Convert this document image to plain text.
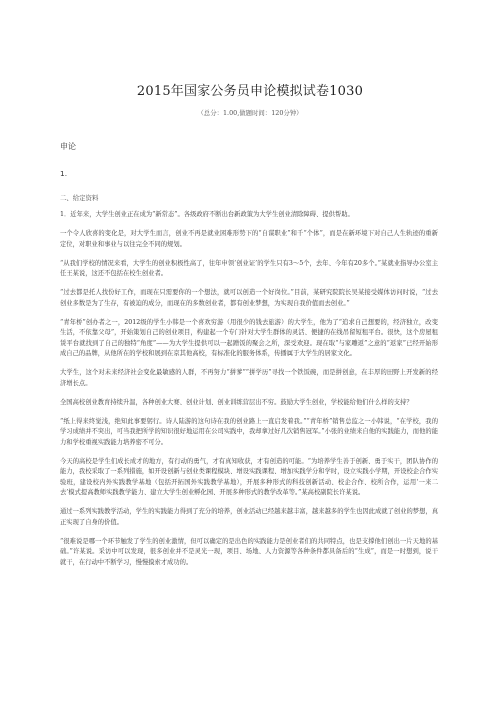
2015年国家公务员申论模拟试卷1030
（总分：1.00,做题时间：120分钟）
申论
1.
二、给定资料

1．近年来，大学生创业正在成为“新常态”。各级政府不断出台新政策为大学生创业清除障碍、提供帮助。

一个令人欣喜的变化是，对大学生而言，创业不再是就业困难形势下的“自谋职业”和千“个体”，而是在新环境下对自己人生轨迹的重新定位，对职业和事业与以往完全不同的规划。

“从我们学校的情况来看，大学生的创业积极性高了，往年申领‘创业证’的学生只有3～5个，去年、今年有20多个。”某就业指导办公室主任王某说，这还不包括在校生创业者。

“过去都是托人找份好工作，而现在只需要你的一个想法，就可以创造一个好岗位。”目前，某研究院院长吴某接受媒体访问时说，“过去创业多数是为了生存，有被迫的成分，而现在的多数创业者，都有创业梦想，为实现自我价值而去创业。”

“青年桥”创办者之一，2012级的学生小韩是一个喜欢穷游（用很少的钱去旅游）的大学生，他为了“追求自己想要的，经济独立，改变生活，不依靠父母”，开始策划自己的创业项目，构建起一个专门针对大学生群体的灵活、便捷的在线吊留短租平台。很快，这个房屋租赁平台就找到了自己的独特“角度”——为大学生提供可以一起蹭饭的聚会之所，深受欢迎。现在取“与家雕返”之意的“返家”已经开始形成自己的品牌，从他所在的学校和展到在京其他高校，有标准化的服务体系，传播属于大学生的居家文化。

大学生，这个对未来经济社会变化最敏感的人群，不再努力“拼爹”“拼学历”寻找一个铁饭碗，而是拼创意，在丰厚的田野上开发新的经济增长点。

全国高校创业教育持续升温，各种创业大赛、创业计划、创业训练营层出不穷。鼓励大学生创业，学校能给他们什么样的支持？

“纸上得来终觉浅，绝知此事要躬行。诗人陆游的这句诗在我的创业路上一直启发着我。”“青年桥”销售总监之一小韩说，“在学校，我的学习成绩并不突出，可当我把所学的知识很好地运用在公司实践中，我却拿过好几次销售冠军。”小张的业绩来自他的实践能力，而他的能力和学校重视实践能力培养密不可分。

今天的高校是学生们成长成才的地方，有行动的勇气，才有真知收获，才有创造的可能。“为培养学生善于创新、勇于实干，团队协作的能力，我校采取了一系列措施，如开设创新与创业类课程模块、增设实践课程、增加实践学分和学时，设立实践小学期，开设校企合作实验班，建设校内外实践教学基地（包括开拓国外实践教学基地），开展多种形式的科技创新活动、校企合作、校所合作，运用‘一来二去’模式提高教师实践教学能力、建立大学生创业孵化园、开展多种形式的教学改革等。”某高校副院长许某说。

通过一系列实践教学活动，学生的实践能力得到了充分的培养，创业活动已经越来越丰富，越来越多的学生也因此成就了创业的梦想，真正实现了自身的价值。

“很难说是哪一个环节触发了学生的创业激情，但可以确定的是出色的实践能力是创业者们的共同特点，也是支撑他们创出一片天地的基础。”许某说。采访中可以发现，很多创业并不是灵光一现，项目、场地、人力资源等各种条件都具备后的“生成”，而是一时想到，说干就干，在行动中不断学习，慢慢摸索才成功的。
